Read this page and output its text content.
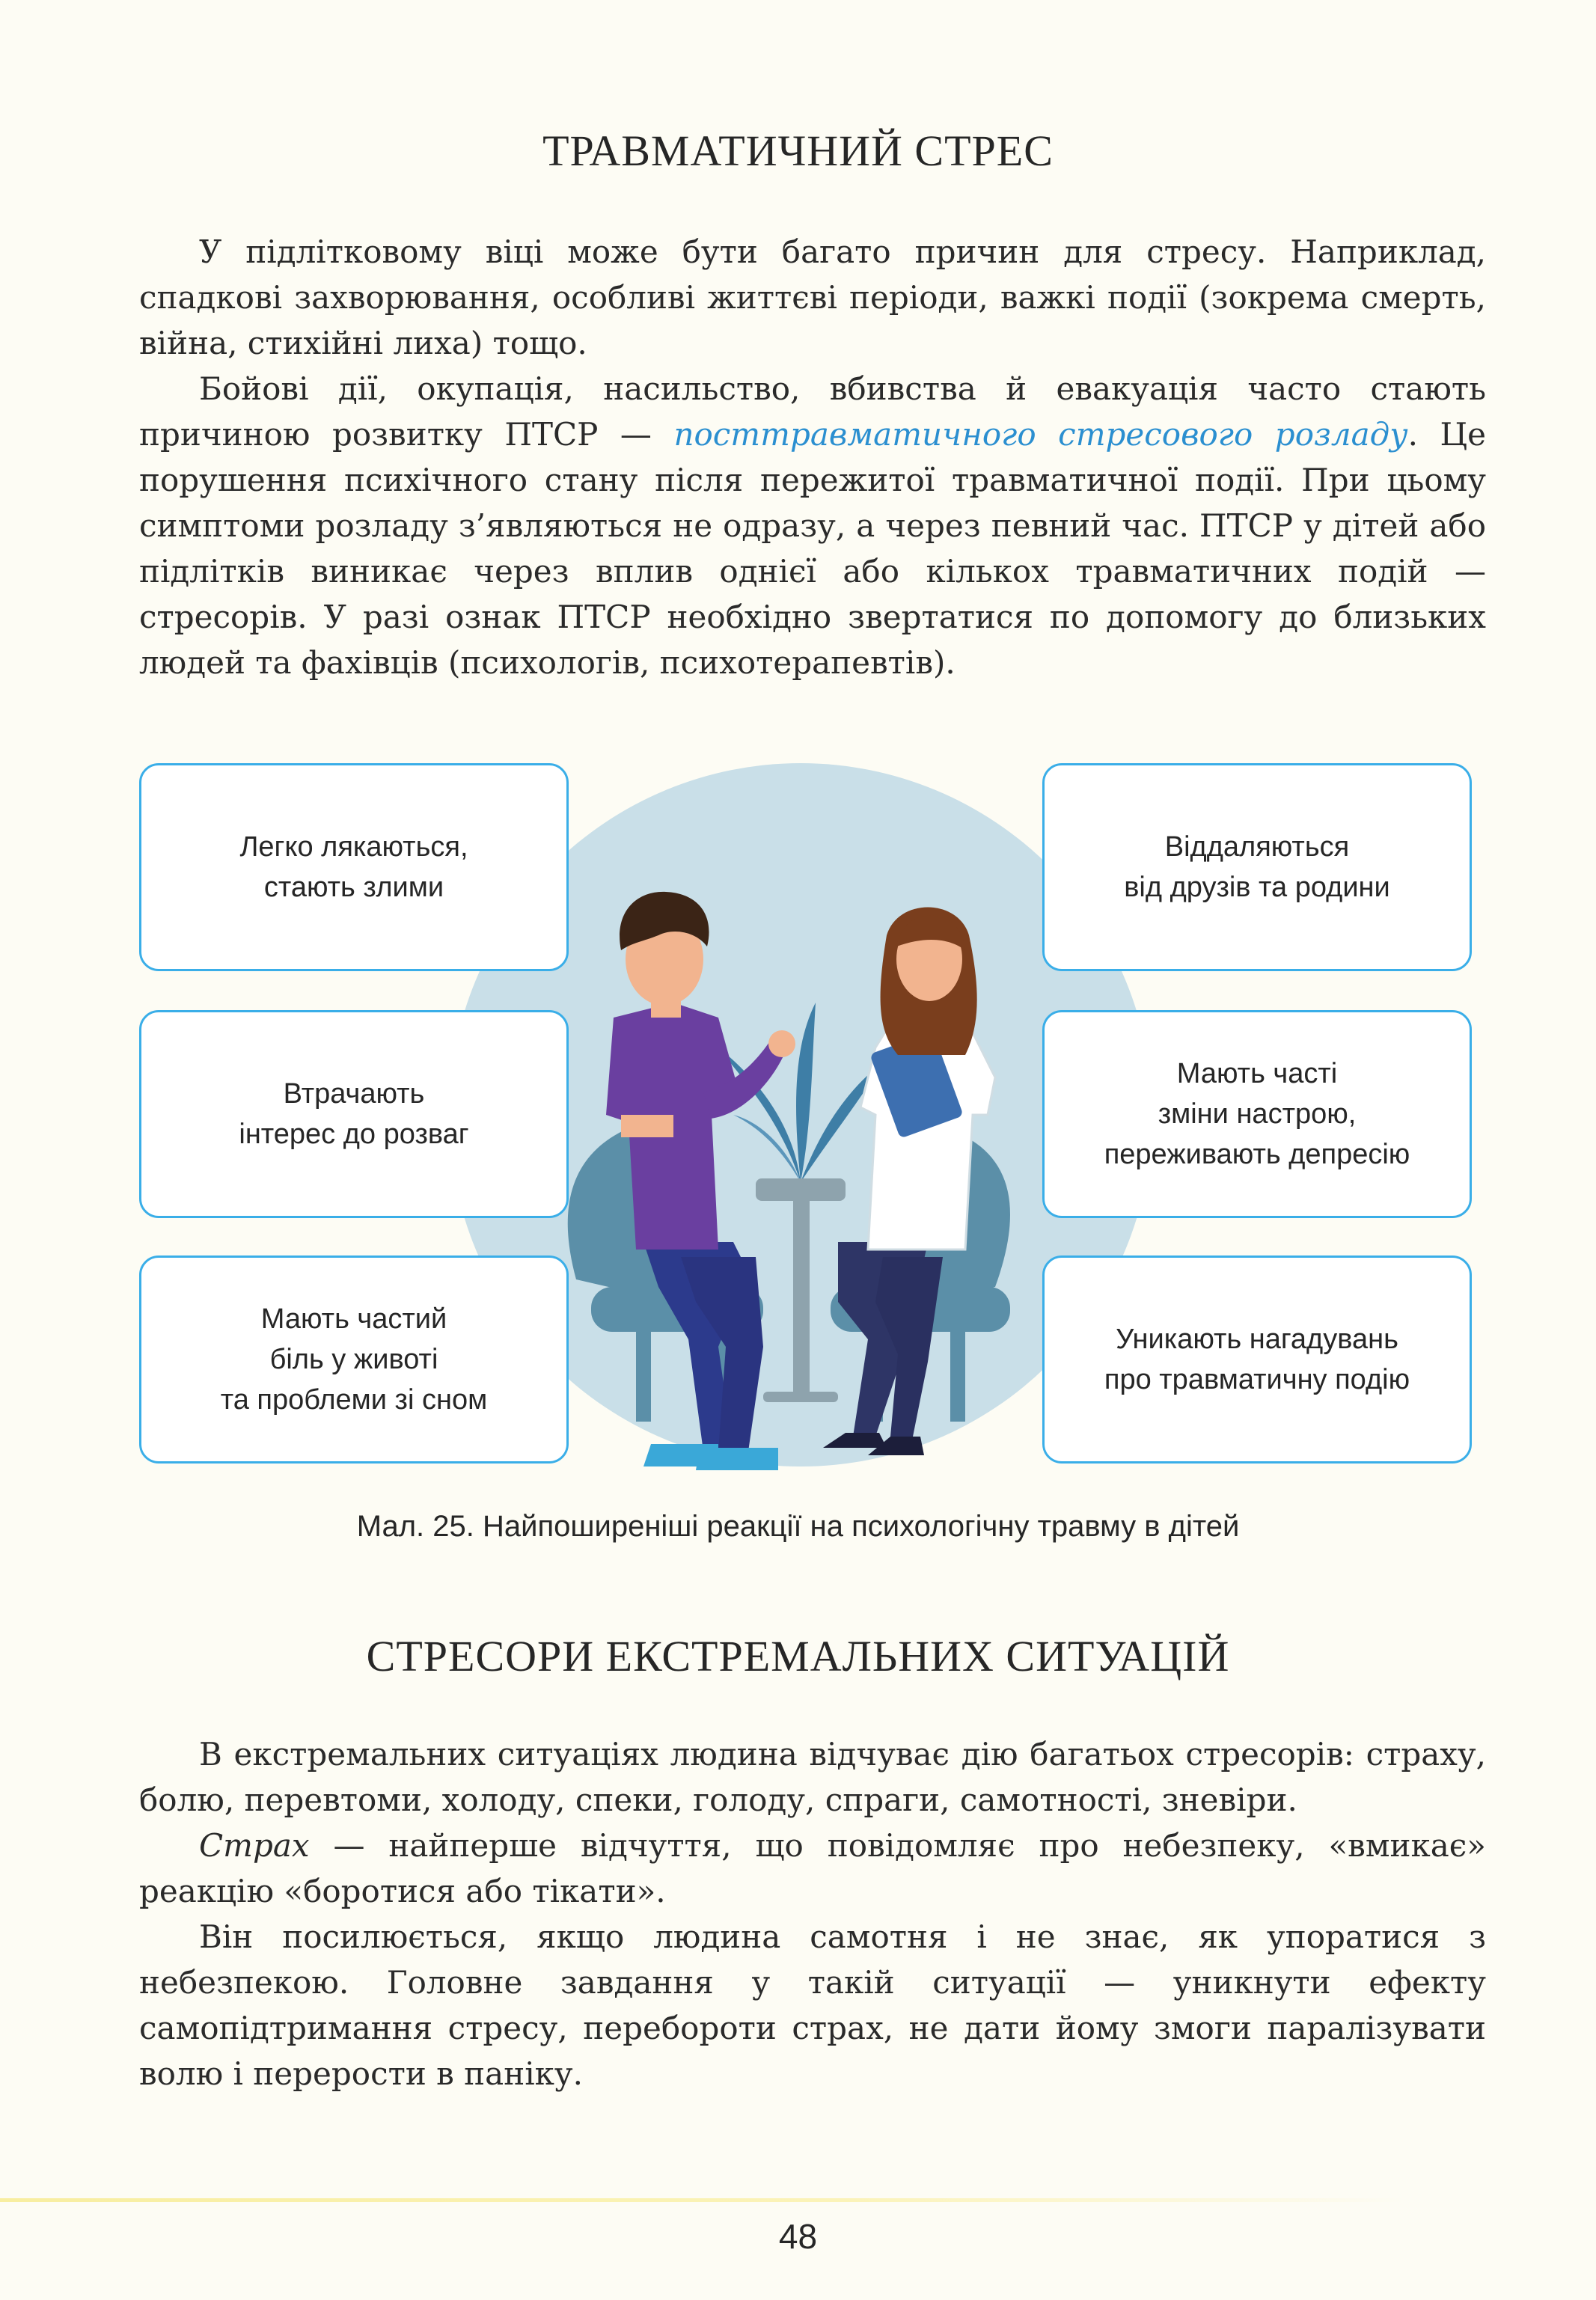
ТРАВМАТИЧНИЙ СТРЕС

У підлітковому віці може бути багато причин для стресу. Наприклад, спадкові захворювання, особливі життєві періоди, важкі події (зокрема смерть, війна, стихійні лиха) тощо.

Бойові дії, окупація, насильство, вбивства й евакуація часто стають причиною розвитку ПТСР — посттравматичного стресового розладу. Це порушення психічного стану після пережитої травматичної події. При цьому симптоми розладу з’являються не одразу, а через певний час. ПТСР у дітей або підлітків виникає через вплив однієї або кількох травматичних подій — стресорів. У разі ознак ПТСР необхідно звертатися по допомогу до близьких людей та фахівців (психологів, психотерапевтів).

Легко лякаються,
стають злими
Втрачають
інтерес до розваг
Мають частий
біль у животі
та проблеми зі сном
Віддаляються
від друзів та родини
Мають часті
зміни настрою,
переживають депресію
Уникають нагадувань
про травматичну подію
Мал. 25. Найпоширеніші реакції на психологічну травму в дітей
СТРЕСОРИ ЕКСТРЕМАЛЬНИХ СИТУАЦІЙ

В екстремальних ситуаціях людина відчуває дію багатьох стресорів: страху, болю, перевтоми, холоду, спеки, голоду, спраги, самотності, зневіри.

Страх — найперше відчуття, що повідомляє про небезпеку, «вмикає» реакцію «боротися або тікати».

Він посилюється, якщо людина самотня і не знає, як упоратися з небезпекою. Головне завдання у такій ситуації — уникнути ефекту самопідтримання стресу, перебороти страх, не дати йому змоги паралізувати волю і перерости в паніку.

48
